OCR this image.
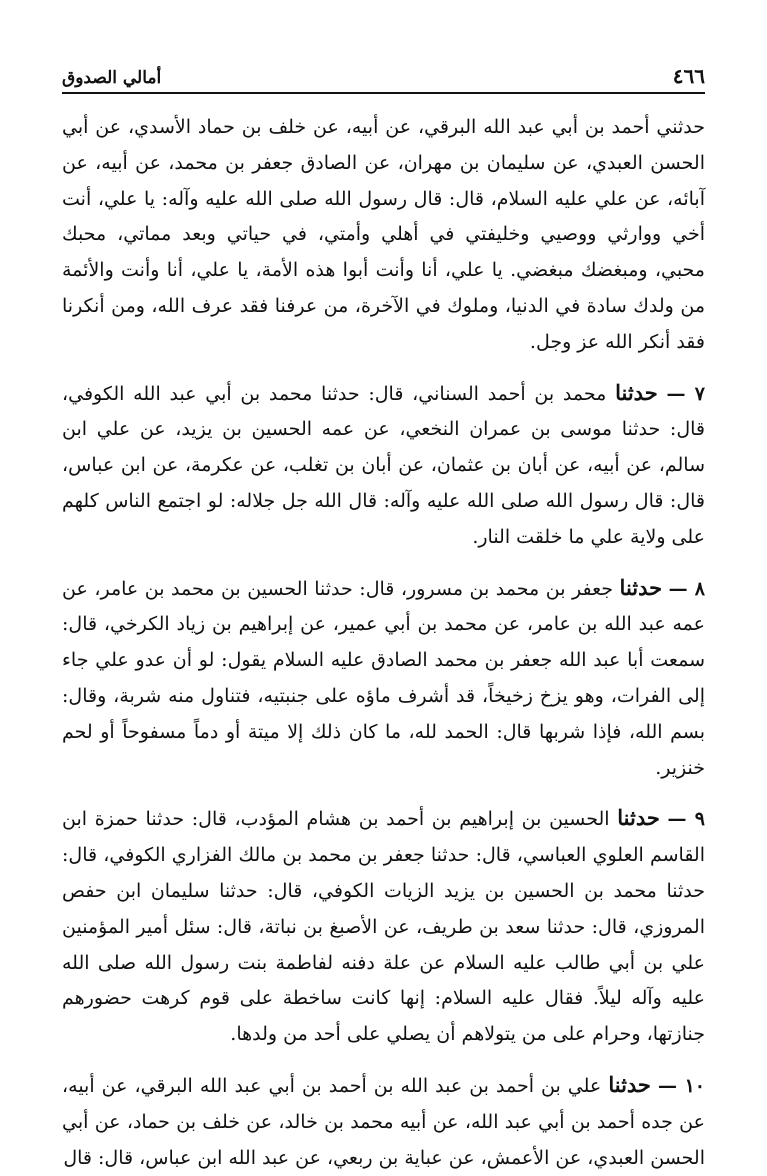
٤٦٦
أمالي الصدوق

حدثني أحمد بن أبي عبد الله البرقي، عن أبيه، عن خلف بن حماد الأسدي، عن أبي الحسن العبدي، عن سليمان بن مهران، عن الصادق جعفر بن محمد، عن أبيه، عن آبائه، عن علي عليه السلام، قال: قال رسول الله صلى الله عليه وآله: يا علي، أنت أخي ووارثي ووصيي وخليفتي في أهلي وأمتي، في حياتي وبعد مماتي، محبك محبي، ومبغضك مبغضي. يا علي، أنا وأنت أبوا هذه الأمة، يا علي، أنا وأنت والأئمة من ولدك سادة في الدنيا، وملوك في الآخرة، من عرفنا فقد عرف الله، ومن أنكرنا فقد أنكر الله عز وجل.

٧ — حدثنا محمد بن أحمد السناني، قال: حدثنا محمد بن أبي عبد الله الكوفي، قال: حدثنا موسى بن عمران النخعي، عن عمه الحسين بن يزيد، عن علي ابن سالم، عن أبيه، عن أبان بن عثمان، عن أبان بن تغلب، عن عكرمة، عن ابن عباس، قال: قال رسول الله صلى الله عليه وآله: قال الله جل جلاله: لو اجتمع الناس كلهم على ولاية علي ما خلقت النار.

٨ — حدثنا جعفر بن محمد بن مسرور، قال: حدثنا الحسين بن محمد بن عامر، عن عمه عبد الله بن عامر، عن محمد بن أبي عمير، عن إبراهيم بن زياد الكرخي، قال: سمعت أبا عبد الله جعفر بن محمد الصادق عليه السلام يقول: لو أن عدو علي جاء إلى الفرات، وهو يزخ زخيخاً، قد أشرف ماؤه على جنبتيه، فتناول منه شربة، وقال: بسم الله، فإذا شربها قال: الحمد لله، ما كان ذلك إلا ميتة أو دماً مسفوحاً أو لحم خنزير.

٩ — حدثنا الحسين بن إبراهيم بن أحمد بن هشام المؤدب، قال: حدثنا حمزة ابن القاسم العلوي العباسي، قال: حدثنا جعفر بن محمد بن مالك الفزاري الكوفي، قال: حدثنا محمد بن الحسين بن يزيد الزيات الكوفي، قال: حدثنا سليمان ابن حفص المروزي، قال: حدثنا سعد بن طريف، عن الأصبغ بن نباتة، قال: سئل أمير المؤمنين علي بن أبي طالب عليه السلام عن علة دفنه لفاطمة بنت رسول الله صلى الله عليه وآله ليلاً. فقال عليه السلام: إنها كانت ساخطة على قوم كرهت حضورهم جنازتها، وحرام على من يتولاهم أن يصلي على أحد من ولدها.

١٠ — حدثنا علي بن أحمد بن عبد الله بن أحمد بن أبي عبد الله البرقي، عن أبيه، عن جده أحمد بن أبي عبد الله، عن أبيه محمد بن خالد، عن خلف بن حماد، عن أبي الحسن العبدي، عن الأعمش، عن عباية بن ربعي، عن عبد الله ابن عباس، قال: قال
